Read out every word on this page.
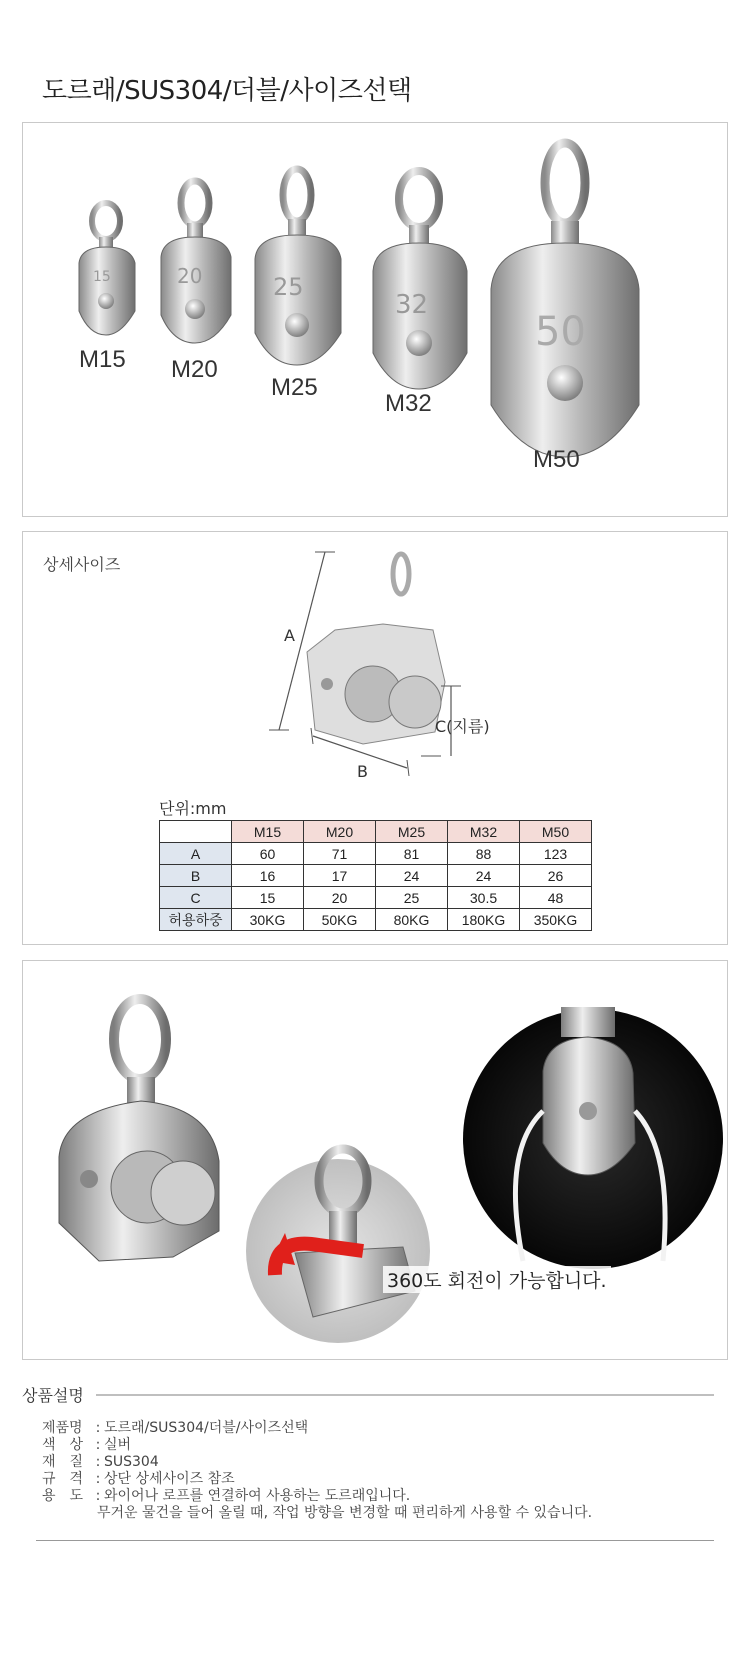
도르래/SUS304/더블/사이즈선택
15	20	25
32
50
M15 M20
M25
M32
M50
상세사이즈
A
B
C(지름)
단위:mm
	M15	M20	M25	M32	M50
A	60	71	81	88	123
B	16	17	24	24	26
C	15	20	25	30.5	48
허용하중	30KG	50KG	80KG	180KG	350KG
360도 회전이 가능합니다.
상품설명
제품명 : 도르래/SUS304/더블/사이즈선택
색　상 : 실버
재　질 : SUS304
규　격 : 상단 상세사이즈 참조
용　도 : 와이어나 로프를 연결하여 사용하는 도르래입니다.
무거운 물건을 들어 올릴 때, 작업 방향을 변경할 때 편리하게 사용할 수 있습니다.
